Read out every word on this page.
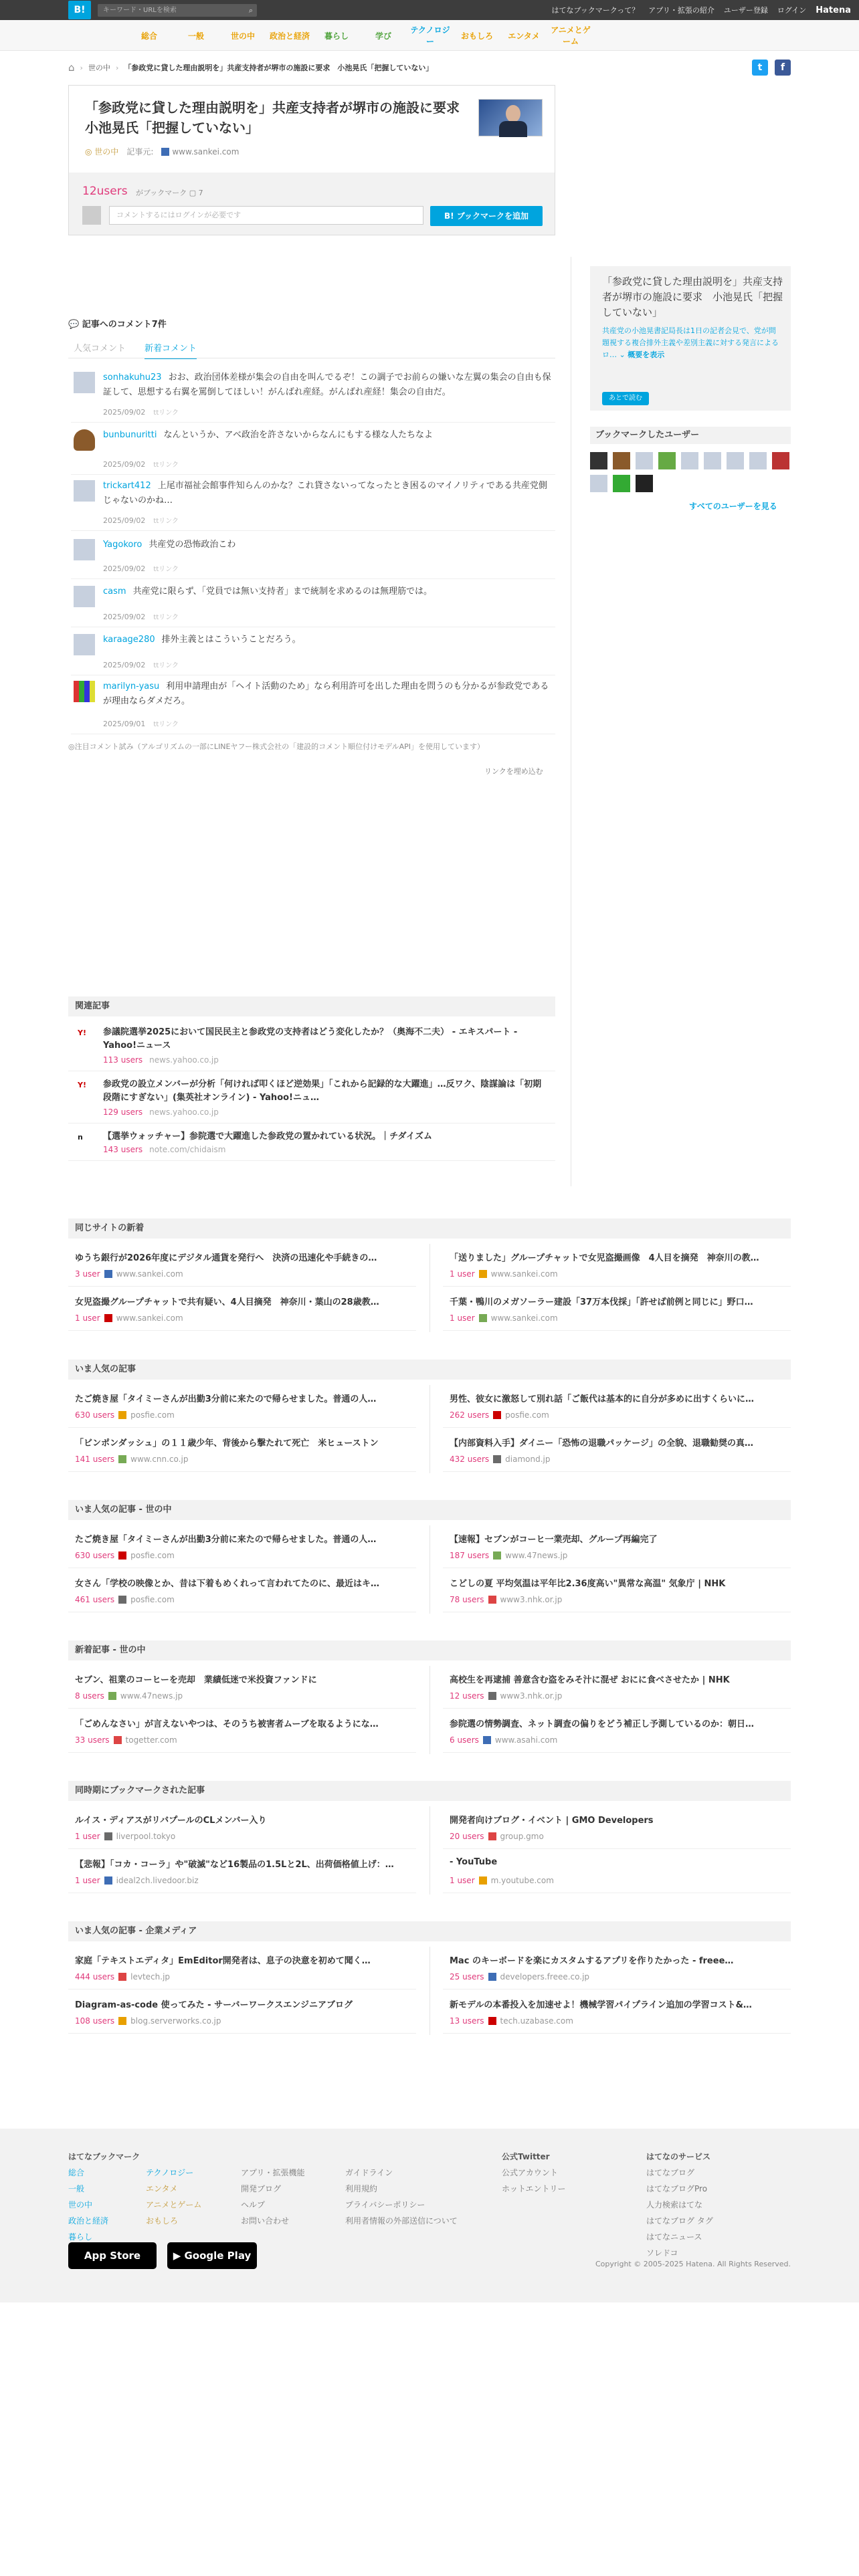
B!	キーワード・URLを検索	⌕	はてなブックマークって？ アプリ・拡張の紹介 ユーザー登録 ログイン Hatena
総合	一般	世の中	政治と経済	暮らし	学び
テクノロジー
おもしろ	エンタメ
アニメとゲーム
⌂ › 世の中 › 「参政党に貸した理由説明を」共産支持者が堺市の施設に要求　小池晃氏「把握していない」	t	f
「参政党に貸した理由説明を」共産支持者が堺市の施設に要求　小池晃氏「把握していない」
◎ 世の中 記事元:	www.sankei.com
12users がブックマーク ▢ 7
コメントするにはログインが必要です	B! ブックマークを追加
「参政党に貸した理由説明を」共産支持者が堺市の施設に要求　小池晃氏「把握していない」
共産党の小池晃書記局長は1日の記者会見で、党が問題視する複合排外主義や差別主義に対する発言によるロ… ⌄ 概要を表示
あとで読む
ブックマークしたユーザー
すべてのユーザーを見る
💬 記事へのコメント7件
人気コメント 新着コメント
sonhakuhu23 おお、政治団体差様が集会の自由を叫んでるぞ！この調子でお前らの嫌いな左翼の集会の自由も保証して、思想する右翼を罵倒してほしい！がんばれ産経。がんばれ産経！集会の自由だ。
2025/09/02 ttリンク
bunbunuritti なんというか、アベ政治を許さないからなんにもする様な人たちなよ
2025/09/02 ttリンク
trickart412 上尾市福祉会館事件知らんのかな？これ貸さないってなったとき困るのマイノリティである共産党側じゃないのかね…
2025/09/02 ttリンク
Yagokoro 共産党の恐怖政治こわ
2025/09/02 ttリンク
casm 共産党に限らず、「党員では無い支持者」まで統制を求めるのは無理筋では。
2025/09/02 ttリンク
karaage280 排外主義とはこういうことだろう。
2025/09/02 ttリンク
marilyn-yasu 利用申請理由が「ヘイト活動のため」なら利用許可を出した理由を問うのも分かるが参政党であるが理由ならダメだろ。
2025/09/01 ttリンク
◎注目コメント試み（アルゴリズムの一部にLINEヤフー株式会社の「建設的コメント順位付けモデルAPI」を使用しています）
リンクを埋め込む
関連記事
Y!	参議院選挙2025において国民民主と参政党の支持者はどう変化したか？（奥海不二夫） - エキスパート - Yahoo!ニュース
113 users news.yahoo.co.jp
Y!	参政党の設立メンバーが分析「何ければ叩くほど逆効果」「これから記録的な大躍進」…反ワク、陰謀論は「初期段階にすぎない」(集英社オンライン) - Yahoo!ニュ…
129 users news.yahoo.co.jp
n	【選挙ウォッチャー】参院選で大躍進した参政党の置かれている状況。｜チダイズム
143 users note.com/chidaism
同じサイトの新着
ゆうち銀行が2026年度にデジタル通貨を発行へ　決済の迅速化や手続きの…
3 user www.sankei.com
「送りました」グループチャットで女児盗撮画像　4人目を摘発　神奈川の教…
1 user www.sankei.com
女児盗撮グループチャットで共有疑い、4人目摘発　神奈川・葉山の28歳教…
1 user www.sankei.com
千葉・鴨川のメガソーラー建設「37万本伐採」「許せば前例と同じに」野口…
1 user www.sankei.com
いま人気の記事
たご焼き屋「タイミーさんが出勤3分前に来たので帰らせました。普通の人…
630 users posfie.com
男性、彼女に激怒して別れ話「ご飯代は基本的に自分が多めに出すくらいに…
262 users posfie.com
「ビンポンダッシュ」の１１歳少年、背後から撃たれて死亡　米ヒューストン
141 users www.cnn.co.jp
【内部資料入手】ダイニー「恐怖の退職パッケージ」の全貌、退職勧奨の真…
432 users diamond.jp
いま人気の記事 - 世の中
たご焼き屋「タイミーさんが出勤3分前に来たので帰らせました。普通の人…
630 users posfie.com
【速報】セブンがコーヒ一業売却、グループ再編完了
187 users www.47news.jp
女さん「学校の映像とか、昔は下着もめくれって言われてたのに、最近はキ…
461 users posfie.com
こどしの夏 平均気温は平年比2.36度高い"異常な高温" 気象庁 | NHK
78 users www3.nhk.or.jp
新着記事 - 世の中
セブン、祖業のコーヒーを売却　業績低迷で米投資ファンドに
8 users www.47news.jp
高校生を再逮捕 善意含む盗をみそ汁に混ぜ おにに食べさせたか | NHK
12 users www3.nhk.or.jp
「ごめんなさい」が言えないやつは、そのうち被害者ムーブを取るようにな…
33 users togetter.com
参院選の情勢調査、ネット調査の偏りをどう補正し予測しているのか：朝日…
6 users www.asahi.com
同時期にブックマークされた記事
ルイス・ディアスがリバプールのCLメンバー入り
1 user liverpool.tokyo
開発者向けブログ・イベント | GMO Developers
20 users group.gmo
【悲報】「コカ・コーラ」や"破滅"など16製品の1.5Lと2L、出荷価格値上げ：…
1 user ideal2ch.livedoor.biz
- YouTube
1 user m.youtube.com
いま人気の記事 - 企業メディア
家庭「テキストエディタ」EmEditor開発者は、息子の決意を初めて聞く…
444 users levtech.jp
Mac のキーボードを楽にカスタムするアプリを作りたかった - freee…
25 users developers.freee.co.jp
Diagram-as-code 使ってみた - サーバーワークスエンジニアブログ
108 users blog.serverworks.co.jp
新モデルの本番投入を加速せよ！機械学習パイプライン追加の学習コスト&…
13 users tech.uzabase.com
はてなブックマーク
総合
一般
世の中
政治と経済
暮らし
テクノロジー
エンタメ
アニメとゲーム
おもしろ
アプリ・拡張機能
開発ブログ
ヘルプ
お問い合わせ
ガイドライン
利用規約
プライバシーポリシー
利用者情報の外部送信について
公式Twitter
公式アカウント
ホットエントリー
はてなのサービス
はてなブログ
はてなブログPro
人力検索はてな
はてなブログ タグ
はてなニュース
ソレドコ
App Store	▶ Google Play
Copyright © 2005-2025 Hatena. All Rights Reserved.
